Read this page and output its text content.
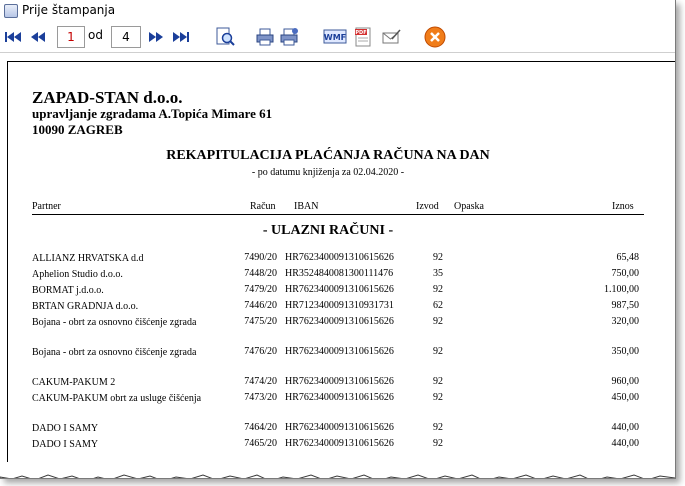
Prije štampanja
1	od	4	WMF PDF
ZAPAD-STAN d.o.o.
upravljanje zgradama A.Topića Mimare 61
10090 ZAGREB
REKAPITULACIJA PLAĆANJA RAČUNA NA DAN
- po datumu knjiženja za 02.04.2020 -
Partner	Račun IBAN	Izvod Opaska	Iznos
- ULAZNI RAČUNI -
ALLIANZ HRVATSKA d.d	7490/20 HR7623400091310615626	92	65,48
Aphelion Studio d.o.o.	7448/20 HR3524840081300111476	35	750,00
BORMAT j.d.o.o.	7479/20 HR7623400091310615626	92	1.100,00
BRTAN GRADNJA d.o.o.	7446/20 HR7123400091310931731	62	987,50
Bojana - obrt za osnovno čišćenje zgrada	7475/20 HR7623400091310615626	92	320,00
Bojana - obrt za osnovno čišćenje zgrada	7476/20 HR7623400091310615626	92	350,00
CAKUM-PAKUM 2	7474/20 HR7623400091310615626	92	960,00
CAKUM-PAKUM obrt za usluge čišćenja	7473/20 HR7623400091310615626	92	450,00
DADO I SAMY	7464/20 HR7623400091310615626	92	440,00
DADO I SAMY	7465/20 HR7623400091310615626	92	440,00
